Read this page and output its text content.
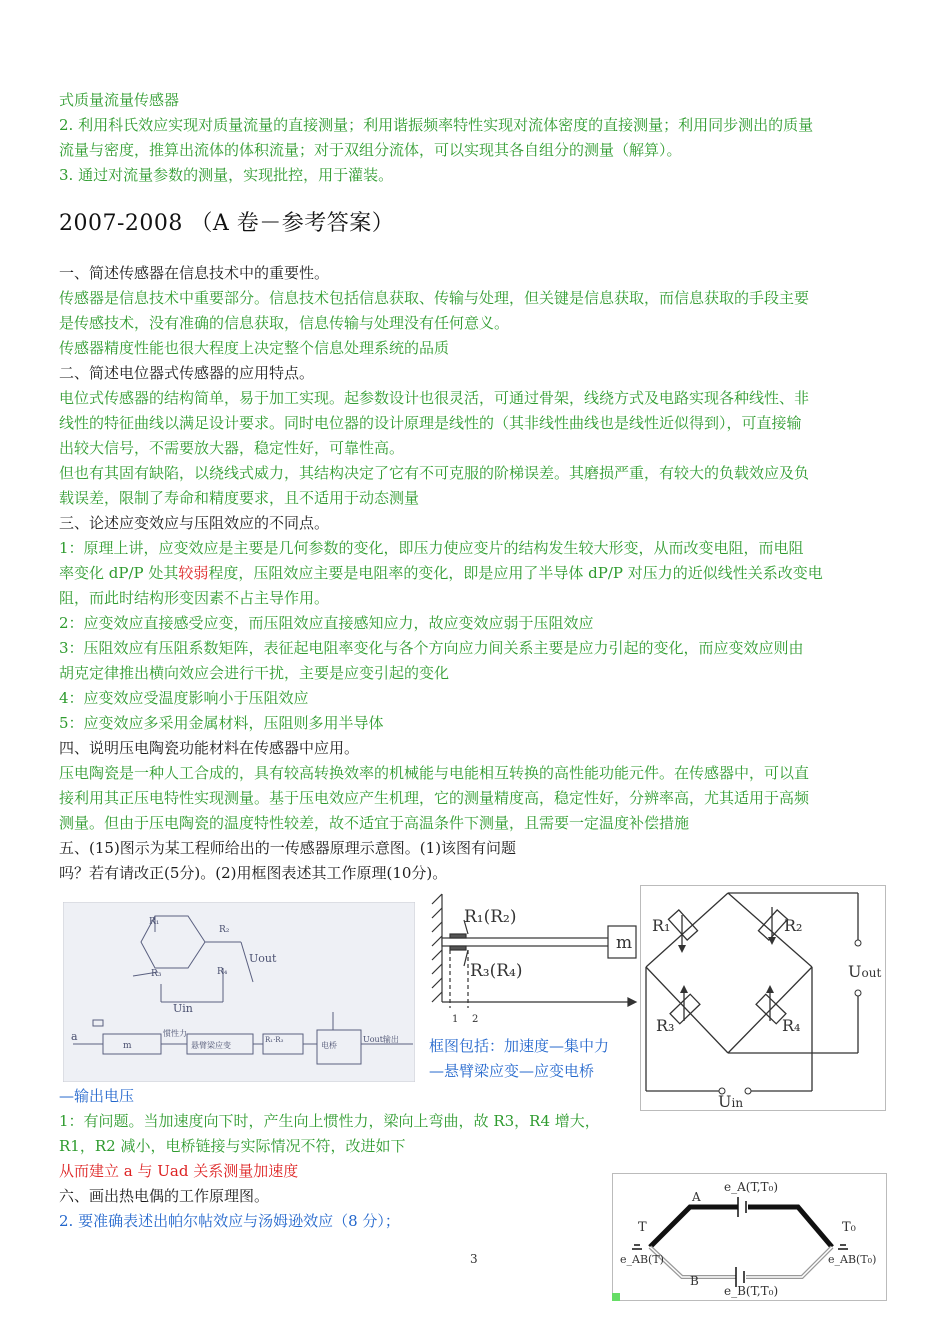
式质量流量传感器
2. 利用科氏效应实现对质量流量的直接测量；利用谐振频率特性实现对流体密度的直接测量；利用同步测出的质量
流量与密度，推算出流体的体积流量；对于双组分流体，可以实现其各自组分的测量（解算）。
3. 通过对流量参数的测量，实现批控，用于灌装。
2007-2008 （A 卷－参考答案）
一、简述传感器在信息技术中的重要性。
传感器是信息技术中重要部分。信息技术包括信息获取、传输与处理，但关键是信息获取，而信息获取的手段主要
是传感技术，没有准确的信息获取，信息传输与处理没有任何意义。
传感器精度性能也很大程度上决定整个信息处理系统的品质
二、简述电位器式传感器的应用特点。
电位式传感器的结构简单，易于加工实现。起参数设计也很灵活，可通过骨架，线绕方式及电路实现各种线性、非
线性的特征曲线以满足设计要求。同时电位器的设计原理是线性的（其非线性曲线也是线性近似得到），可直接输
出较大信号，不需要放大器，稳定性好，可靠性高。
但也有其固有缺陷，以绕线式威力，其结构决定了它有不可克服的阶梯误差。其磨损严重，有较大的负载效应及负
载误差，限制了寿命和精度要求，且不适用于动态测量
三、论述应变效应与压阻效应的不同点。
1：原理上讲，应变效应是主要是几何参数的变化，即压力使应变片的结构发生较大形变，从而改变电阻，而电阻
率变化 dP/P 处其较弱程度，压阻效应主要是电阻率的变化，即是应用了半导体 dP/P 对压力的近似线性关系改变电
阻，而此时结构形变因素不占主导作用。
2：应变效应直接感受应变，而压阻效应直接感知应力，故应变效应弱于压阻效应
3：压阻效应有压阻系数矩阵，表征起电阻率变化与各个方向应力间关系主要是应力引起的变化，而应变效应则由
胡克定律推出横向效应会进行干扰，主要是应变引起的变化
4：应变效应受温度影响小于压阻效应
5：应变效应多采用金属材料，压阻则多用半导体
四、说明压电陶瓷功能材料在传感器中应用。
压电陶瓷是一种人工合成的，具有较高转换效率的机械能与电能相互转换的高性能功能元件。在传感器中，可以直
接利用其正压电特性实现测量。基于压电效应产生机理，它的测量精度高，稳定性好，分辨率高，尤其适用于高频
测量。但由于压电陶瓷的温度特性较差，故不适宜于高温条件下测量，且需要一定温度补偿措施
五、(15)图示为某工程师给出的一传感器原理示意图。(1)该图有问题
吗？若有请改正(5分)。(2)用框图表述其工作原理(10分)。
R₁
R₂
R₃	R₄
Uout
Uin
a
m
惯性力
悬臂梁应变
R₁·R₃
电桥
Uout输出
R₁(R₂)
R₃(R₄)
m
1 2
框图包括：加速度—集中力
—悬臂梁应变—应变电桥
—输出电压
R₁	R₂
R₃	R₄
Uout
Uin
1：有问题。当加速度向下时，产生向上惯性力，梁向上弯曲，故 R3，R4 增大，
R1，R2 减小，电桥链接与实际情况不符，改进如下
从而建立 a 与 Uad 关系测量加速度
六、画出热电偶的工作原理图。
2. 要准确表述出帕尔帖效应与汤姆逊效应（8 分）；
3
e_A(T,T₀)
A
T	T₀
e_AB(T)	e_AB(T₀)
B
e_B(T,T₀)
